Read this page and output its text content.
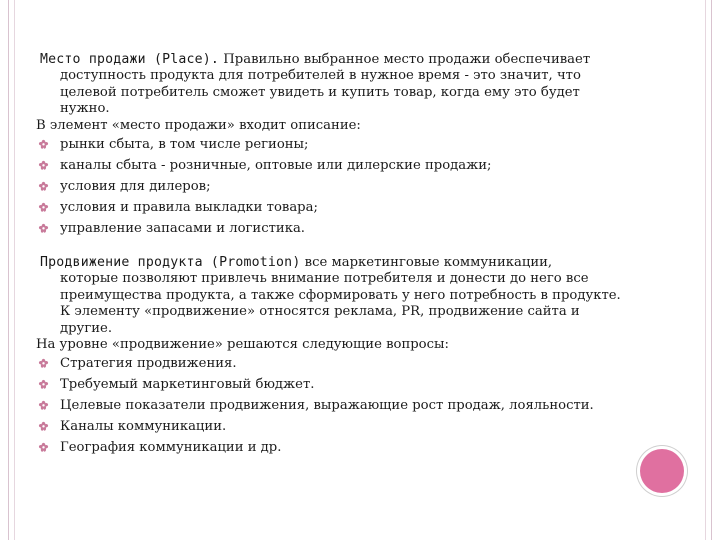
Место продажи (Place). Правильно выбранное место продажи обеспечивает
доступность продукта для потребителей в нужное время - это значит, что
целевой потребитель сможет увидеть и купить товар, когда ему это будет
нужно.

В элемент «место продажи» входит описание:
рынки сбыта, в том числе регионы;
каналы сбыта - розничные, оптовые или дилерские продажи;
условия для дилеров;
условия и правила выкладки товара;
управление запасами и логистика.

Продвижение продукта (Promotion) все маркетинговые коммуникации,
которые позволяют привлечь внимание потребителя и донести до него все
преимущества продукта, а также сформировать у него потребность в продукте.
К элементу «продвижение» относятся реклама, PR, продвижение сайта и
другие.

На уровне «продвижение» решаются следующие вопросы:
Стратегия продвижения.
Требуемый маркетинговый бюджет.
Целевые показатели продвижения, выражающие рост продаж, лояльности.
Каналы коммуникации.
География коммуникации и др.
